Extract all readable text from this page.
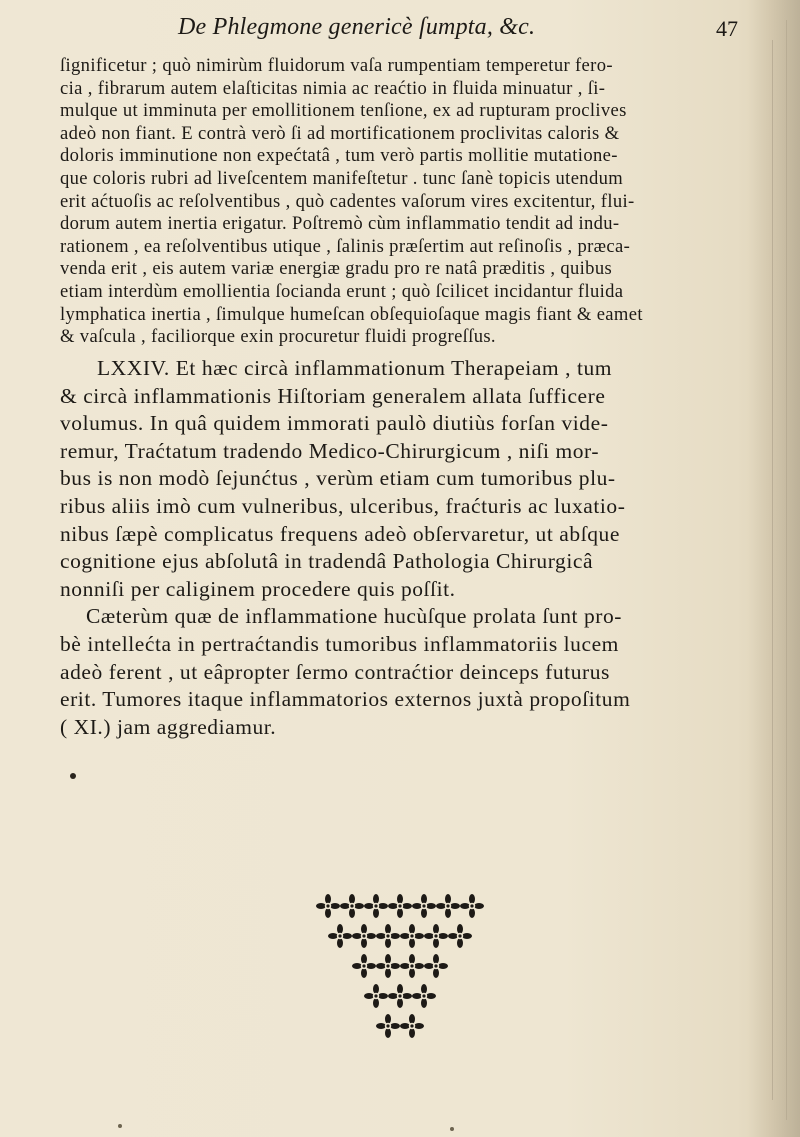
De Phlegmone genericè ſumpta, &c.	47
ſignificetur ; quò nimirùm fluidorum vaſa rumpentiam temperetur fero-
cia , fibrarum autem elaſticitas nimia ac reaćtio in fluida minuatur , ſi-
mulque ut imminuta per emollitionem tenſione, ex ad rupturam proclives
adeò non fiant. E contrà verò ſi ad mortificationem proclivitas caloris &
doloris imminutione non expećtatâ , tum verò partis mollitie mutatione-
que coloris rubri ad liveſcentem manifeſtetur . tunc ſanè topicis utendum
erit aćtuoſis ac reſolventibus , quò cadentes vaſorum vires excitentur, flui-
dorum autem inertia erigatur. Poſtremò cùm inflammatio tendit ad indu-
rationem , ea reſolventibus utique , ſalinis præſertim aut reſinoſis , præca-
venda erit , eis autem variæ energiæ gradu pro re natâ præditis , quibus
etiam interdùm emollientia ſocianda erunt ; quò ſcilicet incidantur fluida
lymphatica inertia , ſimulque humeſcan obſequioſaque magis fiant & eamet
& vaſcula , faciliorque exin procuretur fluidi progreſſus.
LXXIV. Et hæc circà inflammationum Therapeiam , tum
& circà inflammationis Hiſtoriam generalem allata ſufficere
volumus. In quâ quidem immorati paulò diutiùs forſan vide-
remur, Traćtatum tradendo Medico-Chirurgicum , niſi mor-
bus is non modò ſejunćtus , verùm etiam cum tumoribus plu-
ribus aliis imò cum vulneribus, ulceribus, fraćturis ac luxatio-
nibus ſæpè complicatus frequens adeò obſervaretur, ut abſque
cognitione ejus abſolutâ in tradendâ Pathologia Chirurgicâ
nonniſi per caliginem procedere quis poſſit.
Cæterùm quæ de inflammatione hucùſque prolata ſunt pro-
bè intellećta in pertraćtandis tumoribus inflammatoriis lucem
adeò ferent , ut eâpropter ſermo contraćtior deinceps futurus
erit. Tumores itaque inflammatorios externos juxtà propoſitum
( XI.) jam aggrediamur.
